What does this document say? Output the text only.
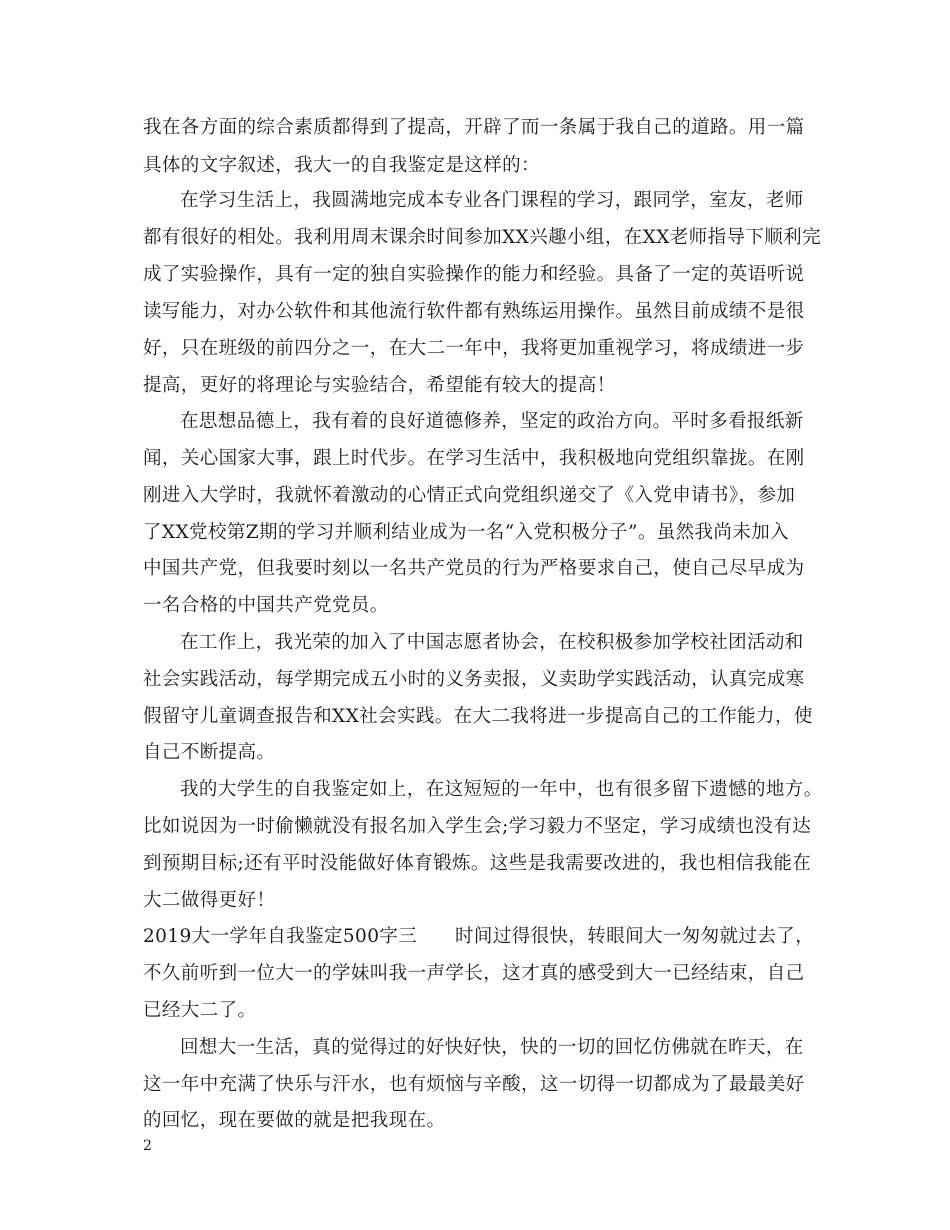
我在各方面的综合素质都得到了提高，开辟了而一条属于我自己的道路。用一篇
具体的文字叙述，我大一的自我鉴定是这样的：
在学习生活上，我圆满地完成本专业各门课程的学习，跟同学，室友，老师
都有很好的相处。我利用周末课余时间参加XX兴趣小组，在XX老师指导下顺利完
成了实验操作，具有一定的独自实验操作的能力和经验。具备了一定的英语听说
读写能力，对办公软件和其他流行软件都有熟练运用操作。虽然目前成绩不是很
好，只在班级的前四分之一，在大二一年中，我将更加重视学习，将成绩进一步
提高，更好的将理论与实验结合，希望能有较大的提高！
在思想品德上，我有着的良好道德修养，坚定的政治方向。平时多看报纸新
闻，关心国家大事，跟上时代步。在学习生活中，我积极地向党组织靠拢。在刚
刚进入大学时，我就怀着激动的心情正式向党组织递交了《入党申请书》，参加
了XX党校第Z期的学习并顺利结业成为一名“入党积极分子”。虽然我尚未加入
中国共产党，但我要时刻以一名共产党员的行为严格要求自己，使自己尽早成为
一名合格的中国共产党党员。
在工作上，我光荣的加入了中国志愿者协会，在校积极参加学校社团活动和
社会实践活动，每学期完成五小时的义务卖报，义卖助学实践活动，认真完成寒
假留守儿童调查报告和XX社会实践。在大二我将进一步提高自己的工作能力，使
自己不断提高。
我的大学生的自我鉴定如上，在这短短的一年中，也有很多留下遗憾的地方。
比如说因为一时偷懒就没有报名加入学生会;学习毅力不坚定，学习成绩也没有达
到预期目标;还有平时没能做好体育锻炼。这些是我需要改进的，我也相信我能在
大二做得更好！
2019大一学年自我鉴定500字三　　时间过得很快，转眼间大一匆匆就过去了，
不久前听到一位大一的学妹叫我一声学长，这才真的感受到大一已经结束，自己
已经大二了。
回想大一生活，真的觉得过的好快好快，快的一切的回忆仿佛就在昨天，在
这一年中充满了快乐与汗水，也有烦恼与辛酸，这一切得一切都成为了最最美好
的回忆，现在要做的就是把我现在。
2
